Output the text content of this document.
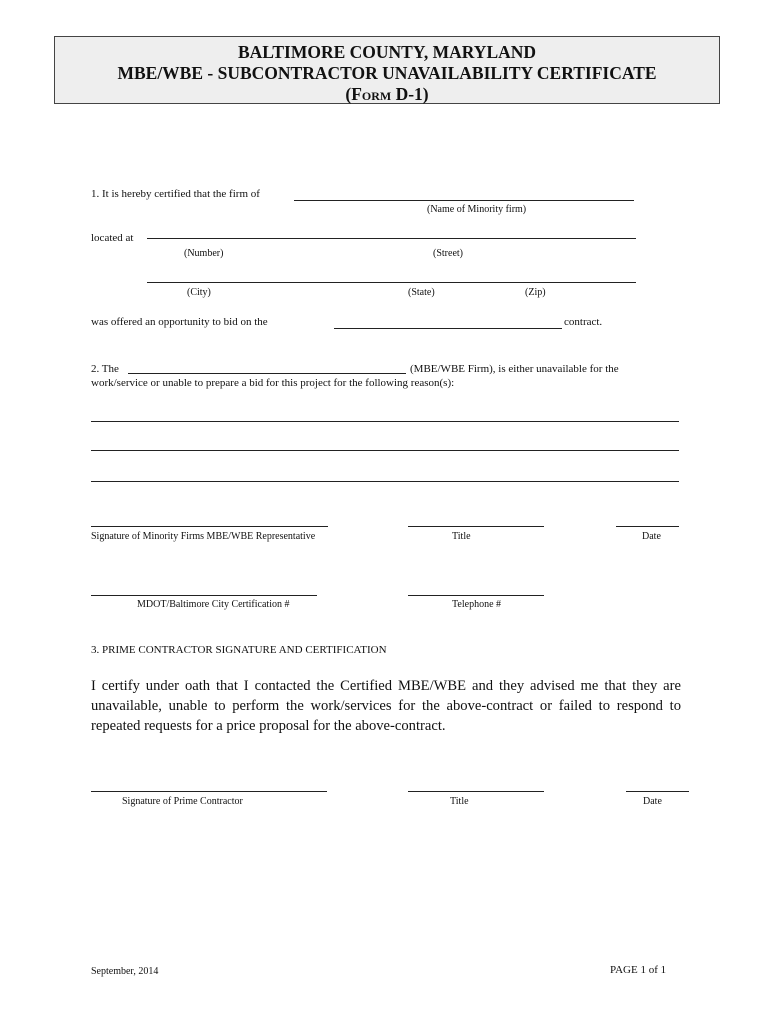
BALTIMORE COUNTY, MARYLAND
MBE/WBE - SUBCONTRACTOR UNAVAILABILITY CERTIFICATE
(Form D-1)
1. It is hereby certified that the firm of
(Name of Minority firm)
located at
(Number)	(Street)
(City)	(State)	(Zip)
was offered an opportunity to bid on the	contract.
2. The	(MBE/WBE Firm), is either unavailable for the
work/service or unable to prepare a bid for this project for the following reason(s):
Signature of Minority Firms MBE/WBE Representative	Title	Date
MDOT/Baltimore City Certification #	Telephone #
3. PRIME CONTRACTOR SIGNATURE AND CERTIFICATION
I certify under oath that I contacted the Certified MBE/WBE and they advised me that they are unavailable, unable to perform the work/services for the above-contract or failed to respond to repeated requests for a price proposal for the above-contract.
Signature of Prime Contractor	Title	Date
September, 2014	PAGE 1 of 1
